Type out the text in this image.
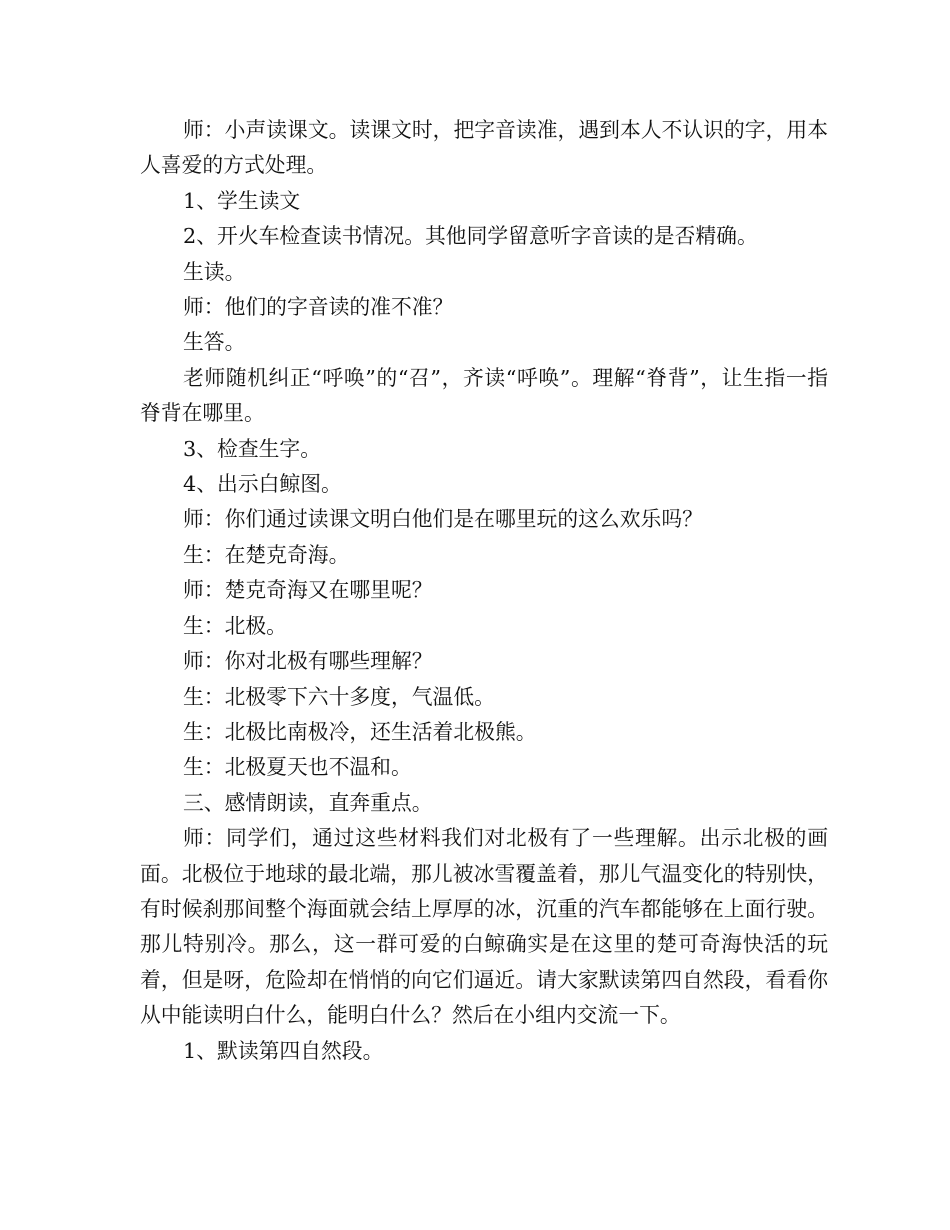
师：小声读课文。读课文时，把字音读准，遇到本人不认识的字，用本人喜爱的方式处理。

1、学生读文

2、开火车检查读书情况。其他同学留意听字音读的是否精确。

生读。

师：他们的字音读的准不准？

生答。

老师随机纠正“呼唤”的“召”，齐读“呼唤”。理解“脊背”，让生指一指脊背在哪里。

3、检查生字。

4、出示白鲸图。

师：你们通过读课文明白他们是在哪里玩的这么欢乐吗？

生：在楚克奇海。

师：楚克奇海又在哪里呢？

生：北极。

师：你对北极有哪些理解？

生：北极零下六十多度，气温低。

生：北极比南极冷，还生活着北极熊。

生：北极夏天也不温和。

三、感情朗读，直奔重点。

师：同学们，通过这些材料我们对北极有了一些理解。出示北极的画面。北极位于地球的最北端，那儿被冰雪覆盖着，那儿气温变化的特别快，有时候刹那间整个海面就会结上厚厚的冰，沉重的汽车都能够在上面行驶。那儿特别冷。那么，这一群可爱的白鲸确实是在这里的楚可奇海快活的玩着，但是呀，危险却在悄悄的向它们逼近。请大家默读第四自然段，看看你从中能读明白什么，能明白什么？然后在小组内交流一下。

1、默读第四自然段。
